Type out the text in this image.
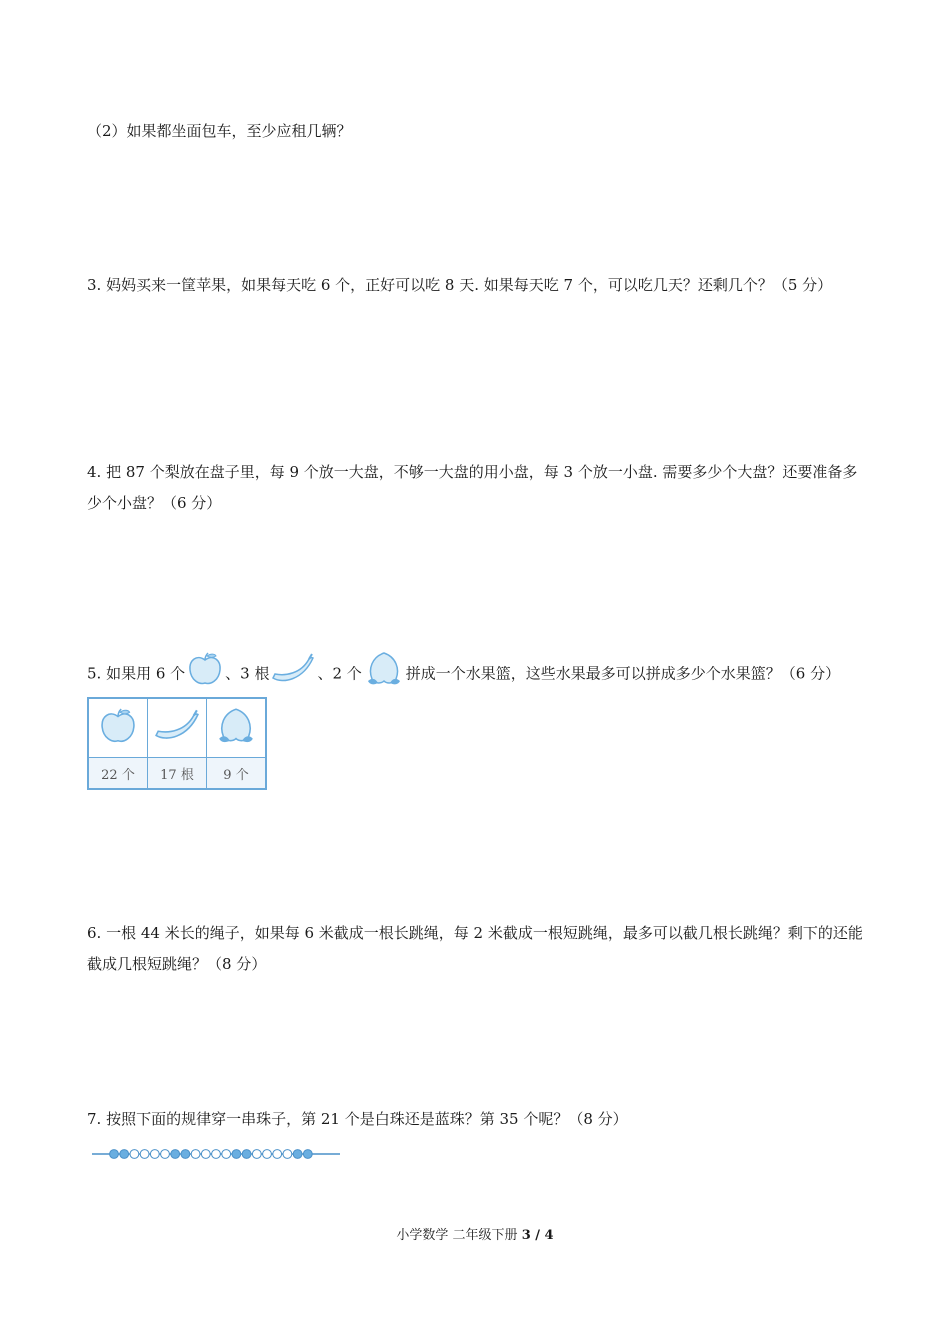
（2）如果都坐面包车，至少应租几辆？

3. 妈妈买来一筐苹果，如果每天吃 6 个，正好可以吃 8 天. 如果每天吃 7 个，可以吃几天？还剩几个？（5 分）

4. 把 87 个梨放在盘子里，每 9 个放一大盘，不够一大盘的用小盘，每 3 个放一小盘. 需要多少个大盘？还要准备多少个小盘？（6 分）

5. 如果用 6 个	、3 根	、2 个	拼成一个水果篮，这些水果最多可以拼成多少个水果篮？（6 分）

22 个	17 根	9 个

6. 一根 44 米长的绳子，如果每 6 米截成一根长跳绳，每 2 米截成一根短跳绳，最多可以截几根长跳绳？剩下的还能截成几根短跳绳？（8 分）

7. 按照下面的规律穿一串珠子，第 21 个是白珠还是蓝珠？第 35 个呢？（8 分）

小学数学 二年级下册 3 / 4
